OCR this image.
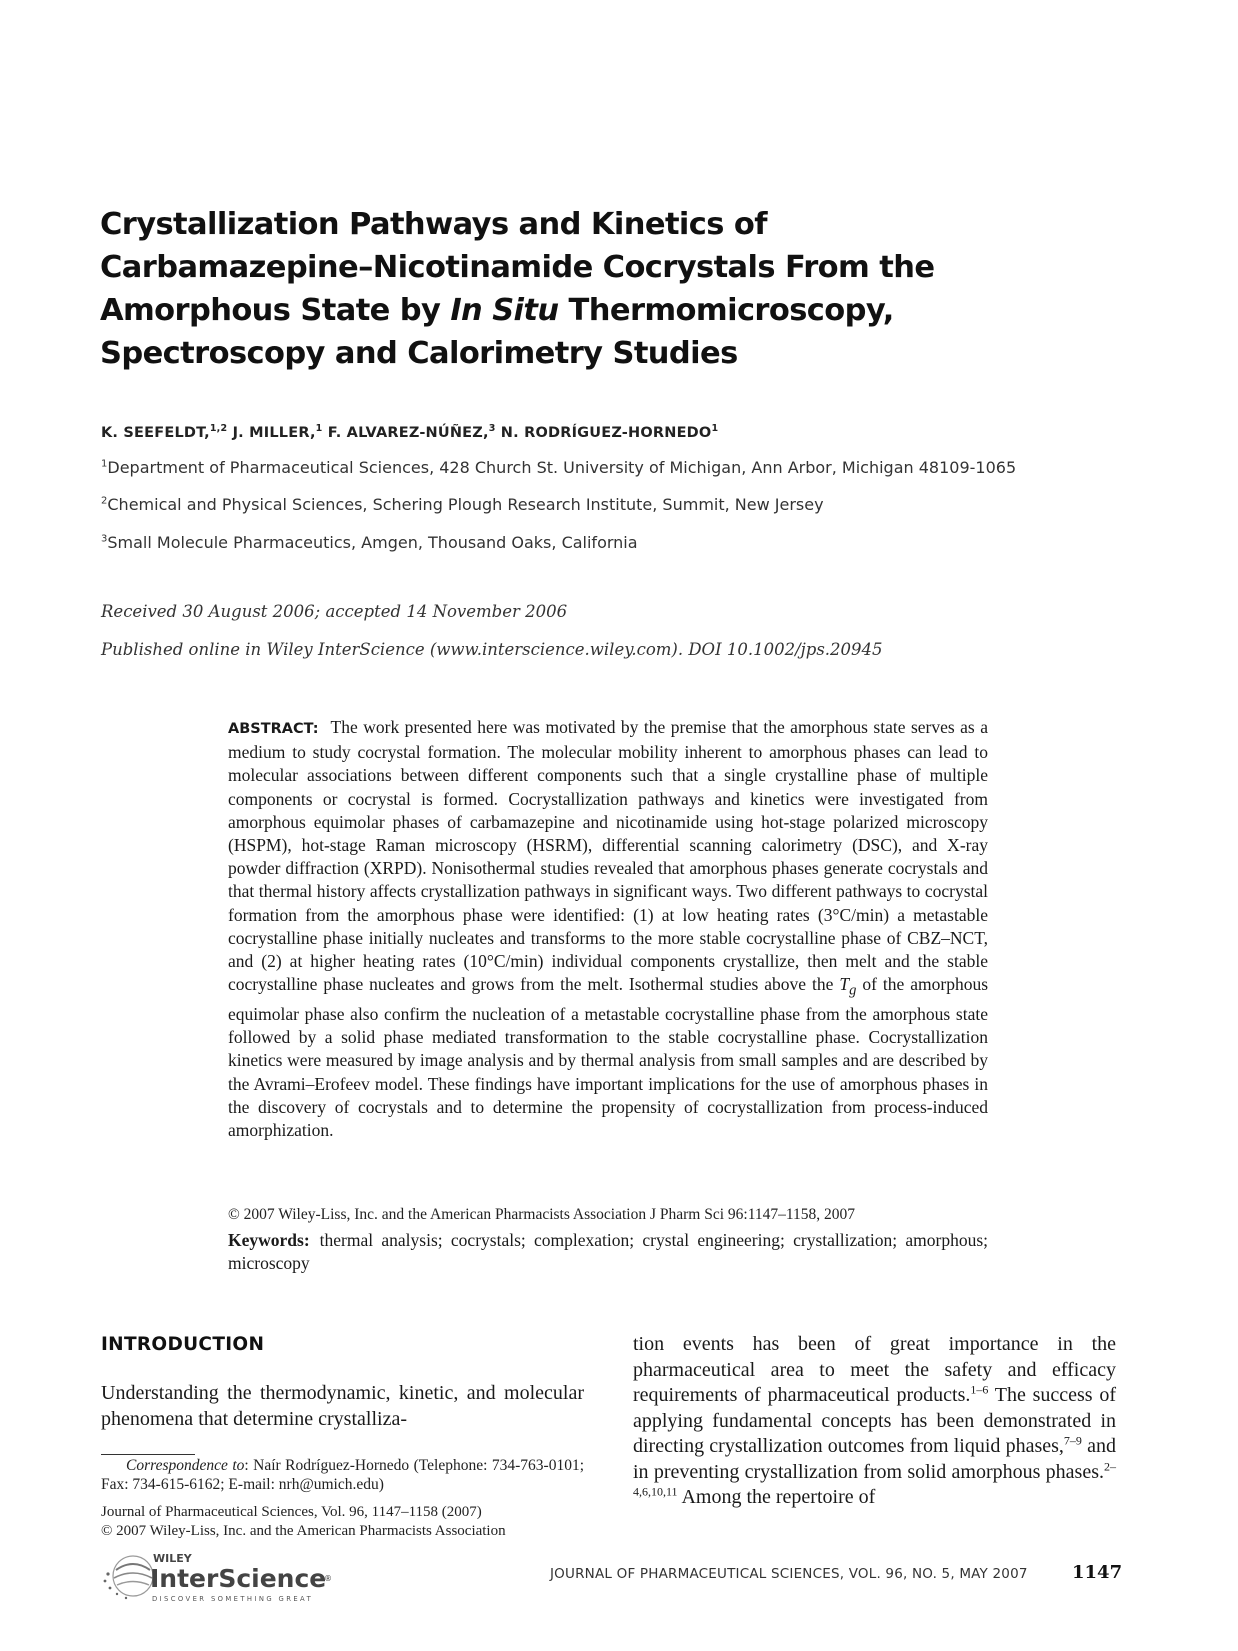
Crystallization Pathways and Kinetics of
Carbamazepine–Nicotinamide Cocrystals From the
Amorphous State by In Situ Thermomicroscopy,
Spectroscopy and Calorimetry Studies
K. SEEFELDT,$^{1,2}$ J. MILLER,$^1$ F. ALVAREZ-NÚÑEZ,$^3$ N. RODRÍGUEZ-HORNEDO$^1$
$^1$Department of Pharmaceutical Sciences, 428 Church St. University of Michigan, Ann Arbor, Michigan 48109-1065
$^2$Chemical and Physical Sciences, Schering Plough Research Institute, Summit, New Jersey
$^3$Small Molecule Pharmaceutics, Amgen, Thousand Oaks, California
Received 30 August 2006; accepted 14 November 2006
Published online in Wiley InterScience (www.interscience.wiley.com). DOI 10.1002/jps.20945
ABSTRACT: The work presented here was motivated by the premise that the amorphous state serves as a medium to study cocrystal formation. The molecular mobility inherent to amorphous phases can lead to molecular associations between different components such that a single crystalline phase of multiple components or cocrystal is formed. Cocrystallization pathways and kinetics were investigated from amorphous equimolar phases of carbamazepine and nicotinamide using hot-stage polarized microscopy (HSPM), hot-stage Raman microscopy (HSRM), differential scanning calorimetry (DSC), and X-ray powder diffraction (XRPD). Nonisothermal studies revealed that amorphous phases generate cocrystals and that thermal history affects crystallization pathways in significant ways. Two different pathways to cocrystal formation from the amorphous phase were identified: (1) at low heating rates (3°C/min) a metastable cocrystalline phase initially nucleates and transforms to the more stable cocrystalline phase of CBZ–NCT, and (2) at higher heating rates (10°C/min) individual components crystallize, then melt and the stable cocrystalline phase nucleates and grows from the melt. Isothermal studies above the $T_g$ of the amorphous equimolar phase also confirm the nucleation of a metastable cocrystalline phase from the amorphous state followed by a solid phase mediated transformation to the stable cocrystalline phase. Cocrystallization kinetics were measured by image analysis and by thermal analysis from small samples and are described by the Avrami–Erofeev model. These findings have important implications for the use of amorphous phases in the discovery of cocrystals and to determine the propensity of cocrystallization from process-induced amorphization.
© 2007 Wiley-Liss, Inc. and the American Pharmacists Association J Pharm Sci 96:1147–1158, 2007
Keywords: thermal analysis; cocrystals; complexation; crystal engineering; crystallization; amorphous; microscopy
INTRODUCTION

Understanding the thermodynamic, kinetic, and molecular phenomena that determine crystalliza-

tion events has been of great importance in the pharmaceutical area to meet the safety and efficacy requirements of pharmaceutical products.$^{1-6}$ The success of applying fundamental concepts has been demonstrated in directing crystallization outcomes from liquid phases,$^{7-9}$ and in preventing crystallization from solid amorphous phases.$^{2-4,6,10,11}$ Among the repertoire of

Correspondence to: Naír Rodríguez-Hornedo (Telephone: 734-763-0101; Fax: 734-615-6162; E-mail: nrh@umich.edu)

Journal of Pharmaceutical Sciences, Vol. 96, 1147–1158 (2007)
© 2007 Wiley-Liss, Inc. and the American Pharmacists Association
WILEY
InterScience
®
DISCOVER SOMETHING GREAT
JOURNAL OF PHARMACEUTICAL SCIENCES, VOL. 96, NO. 5, MAY 2007 1147
